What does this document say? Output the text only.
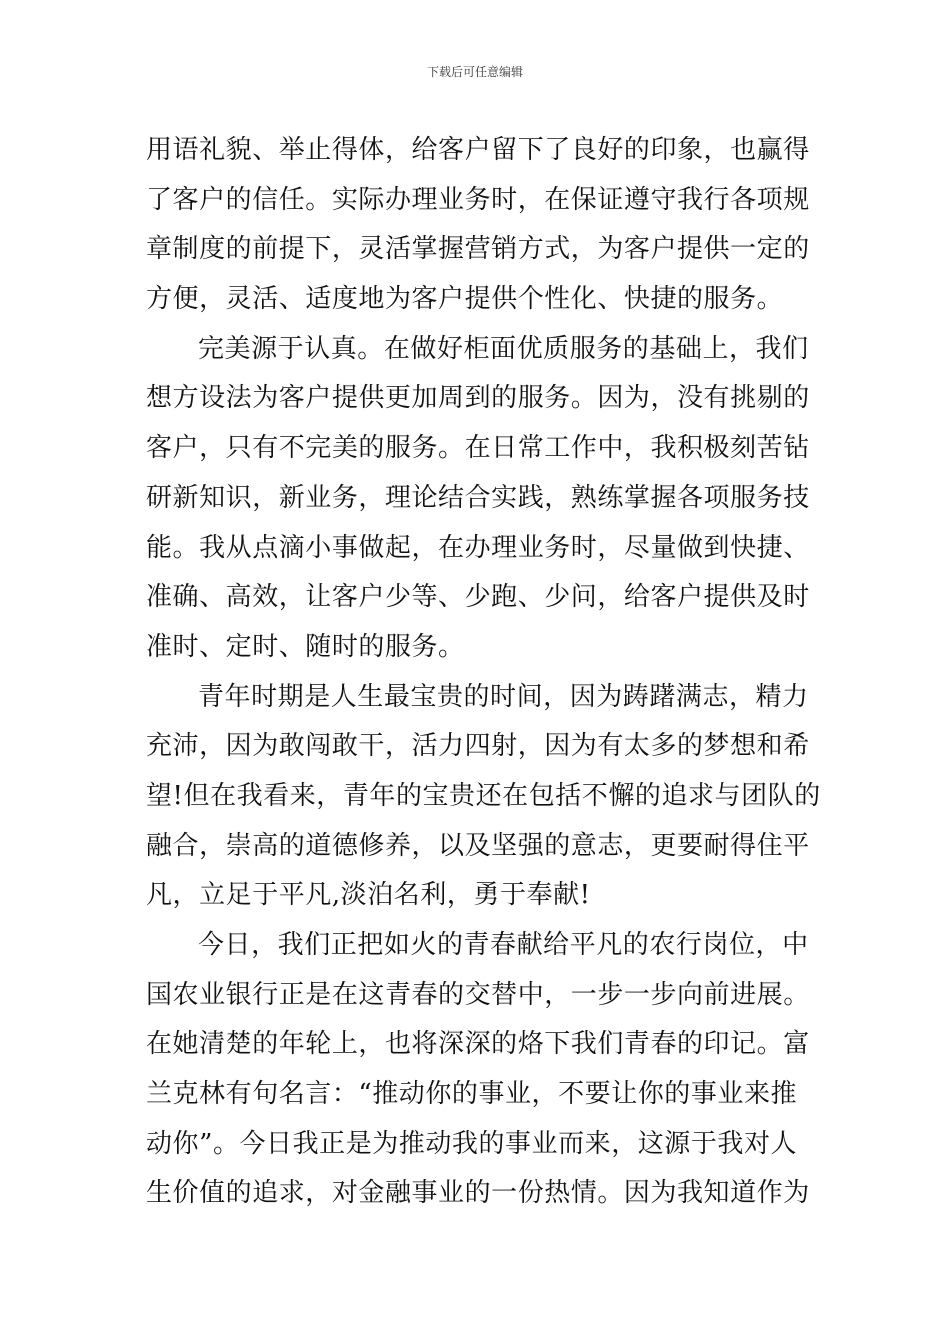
下载后可任意编辑
用语礼貌、举止得体，给客户留下了良好的印象，也赢得
了客户的信任。实际办理业务时，在保证遵守我行各项规
章制度的前提下，灵活掌握营销方式，为客户提供一定的
方便，灵活、适度地为客户提供个性化、快捷的服务。
完美源于认真。在做好柜面优质服务的基础上，我们
想方设法为客户提供更加周到的服务。因为，没有挑剔的
客户，只有不完美的服务。在日常工作中，我积极刻苦钻
研新知识，新业务，理论结合实践，熟练掌握各项服务技
能。我从点滴小事做起，在办理业务时，尽量做到快捷、
准确、高效，让客户少等、少跑、少问，给客户提供及时
准时、定时、随时的服务。
青年时期是人生最宝贵的时间，因为踌躇满志，精力
充沛，因为敢闯敢干，活力四射，因为有太多的梦想和希
望!但在我看来，青年的宝贵还在包括不懈的追求与团队的
融合，崇高的道德修养，以及坚强的意志，更要耐得住平
凡，立足于平凡,淡泊名利，勇于奉献!
今日，我们正把如火的青春献给平凡的农行岗位，中
国农业银行正是在这青春的交替中，一步一步向前进展。
在她清楚的年轮上，也将深深的烙下我们青春的印记。富
兰克林有句名言：“推动你的事业，不要让你的事业来推
动你”。今日我正是为推动我的事业而来，这源于我对人
生价值的追求，对金融事业的一份热情。因为我知道作为
